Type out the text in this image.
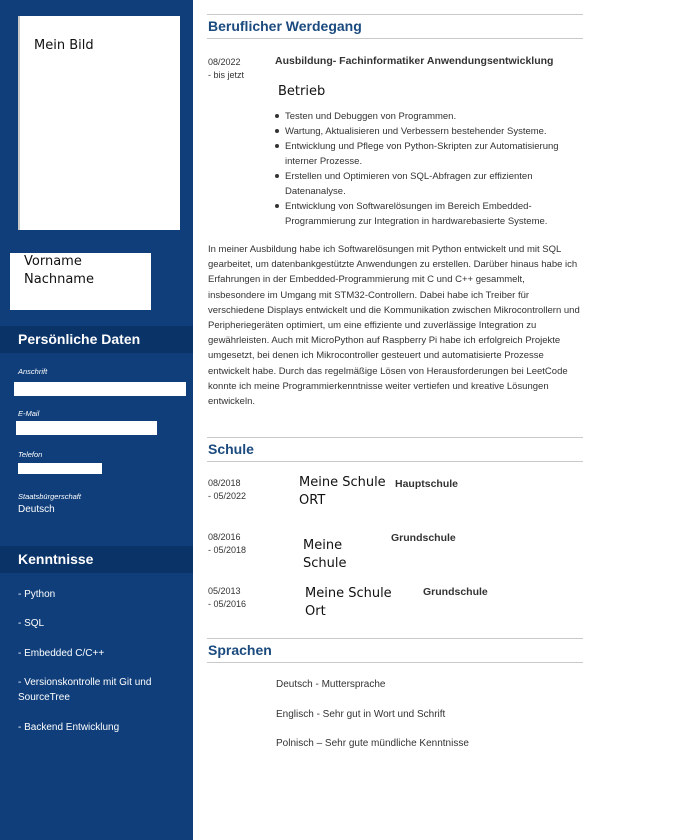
Mein Bild
Vorname
Nachname
Persönliche Daten
Anschrift
E-Mail
Telefon
Staatsbürgerschaft
Deutsch
Kenntnisse
- Python
- SQL
- Embedded C/C++
- Versionskontrolle mit Git und SourceTree
- Backend Entwicklung
Beruflicher Werdegang
08/2022
- bis jetzt
Ausbildung- Fachinformatiker Anwendungsentwicklung
Betrieb
Testen und Debuggen von Programmen.
Wartung, Aktualisieren und Verbessern bestehender Systeme.
Entwicklung und Pflege von Python-Skripten zur Automatisierung interner Prozesse.
Erstellen und Optimieren von SQL-Abfragen zur effizienten Datenanalyse.
Entwicklung von Softwarelösungen im Bereich Embedded-Programmierung zur Integration in hardwarebasierte Systeme.
In meiner Ausbildung habe ich Softwarelösungen mit Python entwickelt und mit SQL gearbeitet, um datenbankgestützte Anwendungen zu erstellen. Darüber hinaus habe ich Erfahrungen in der Embedded-Programmierung mit C und C++ gesammelt, insbesondere im Umgang mit STM32-Controllern. Dabei habe ich Treiber für verschiedene Displays entwickelt und die Kommunikation zwischen Mikrocontrollern und Peripheriegeräten optimiert, um eine effiziente und zuverlässige Integration zu gewährleisten. Auch mit MicroPython auf Raspberry Pi habe ich erfolgreich Projekte umgesetzt, bei denen ich Mikrocontroller gesteuert und automatisierte Prozesse entwickelt habe. Durch das regelmäßige Lösen von Herausforderungen bei LeetCode konnte ich meine Programmierkenntnisse weiter vertiefen und kreative Lösungen entwickeln.
Schule
08/2018
- 05/2022
Meine Schule
ORT
Hauptschule
08/2016
- 05/2018	Meine
Schule
Grundschule
05/2013
- 05/2016
Meine Schule
Ort
Grundschule
Sprachen
Deutsch - Muttersprache
Englisch - Sehr gut in Wort und Schrift
Polnisch – Sehr gute mündliche Kenntnisse
